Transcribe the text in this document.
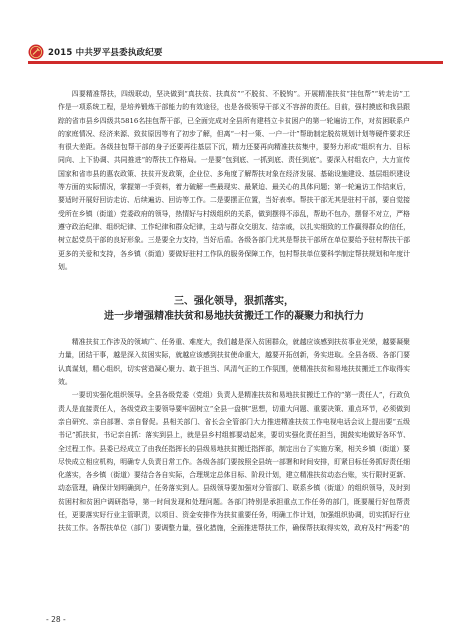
2015 中共罗平县委执政纪要

四要精准帮扶，四级联动，坚决做到“真扶贫、扶真贫”“不脱贫、不脱钩”。开展精准扶贫“挂包帮”“转走访”工作是一项系统工程，是培养锻炼干部能力的有效途径，也是各级领导干部义不容辞的责任。目前，强村摸底和我县跟踪的省市县乡四级共5816名挂包帮干部，已全面完成对全县所有建档立卡贫困户的第一轮遍访工作，对贫困联系户的家庭情况、经济来源、致贫原因等有了初步了解，但离“一村一策、一户一计”帮助制定脱贫规划计划等硬件要求还有很大差距。各级挂包帮干部的身子还要再往基层下沉，精力还要再向精准扶贫集中，要努力形成“组织有力、目标同向、上下协调、共同推进”的帮扶工作格局。一是要“包到底、一抓到底、责任到底”。要深入村组农户，大力宣传国家和省市县的惠农政策、扶贫开发政策，企业位、多角度了解帮扶对象在经济发展、基础设施建设、基层组织建设等方面的实际情况，掌握第一手资料，着力破解一些最现实、最紧迫、最关心的具体问题；第一轮遍访工作结束后，要适时开展好回访走访、后续遍访、回访等工作。二是要摆正位置，当好表率。帮扶干部无其是驻村干部，要自觉接受所在乡镇（街道）党委政府的领导，热情好与村级组织的关系，做到摆得不添乱，帮助不包办，摆督不对立，严格遵守政治纪律、组织纪律、工作纪律和群众纪律，主动与群众交朋友、结亲戚，以扎实细致的工作赢得群众的信任，树立起党员干部的良好形象。三是要全力支持，当好后盾。各级各部门尤其是帮扶干部所在单位要给予驻村帮扶干部更多的关爱和支持，各乡镇（街道）要做好驻村工作队的服务保障工作，包村帮扶单位要科学制定帮扶规划和年度计划。

三、强化领导，狠抓落实，
进一步增强精准扶贫和易地扶贫搬迁工作的凝聚力和执行力

精准扶贫工作涉及的领域广、任务重、难度大，我们越是深入贫困群众，就越应该感到扶贫事业光荣，越要凝聚力量，团结干事，越是深入贫困实际，就越应该感到扶贫使命重大，越要开拓创新，务实进取。全县各级、各部门要认真谋划，精心组织，切实营造凝心聚力、敢于担当、风清气正的工作氛围，使精准扶贫和易地扶贫搬迁工作取得实效。

一要切实强化组织领导。全县各级党委（党组）负责人是精准扶贫和易地扶贫搬迁工作的“第一责任人”，行政负责人是直接责任人，各级党政主要领导要牢固树立“全县一盘棋”思想，切重大问题、重要决策、重点环节，必须做到亲自研究、亲自部署、亲自督促。县相关部门、省长会全管部门大力推进精准扶贫工作电视电话会议上提出要“五级书记”抓扶贫，书记亲自抓：落实到县上，就是县乡村组都要动起来，要切实强化责任担当，拥鼓实地做好各环节、全过程工作。县委已经成立了由我任指挥长的县级易地扶贫搬迁指挥部，制定出台了实施方案，相关乡镇（街道）要尽快成立相应机构，明确专人负责日常工作。各级各部门要按照全县统一部署和时间安排，盯紧目标任务抓好责任细化落实，各乡镇（街道）要结合各自实际，合理规定总体目标、阶段计划，建立精准扶贫动态台账，实行限时更新、动态管理，确保计划明确到户，任务落实到人。县级领导要加强对分管部门、联系乡镇（街道）的组织领导，及时到贫困村和贫困户调研指导，第一时间发现和处理问题。各部门特别是承担重点工作任务的部门，既要履行好包帮责任，更要落实好行业主管职责，以项目、资金安排作为扶贫重要任务，明确工作计划，加强组织协调，切实抓好行业扶贫工作。各帮扶单位（部门）要调整力量，强化措施，全面推进帮扶工作，确保帮扶取得实效，政府及村“两委”的

- 28 -
